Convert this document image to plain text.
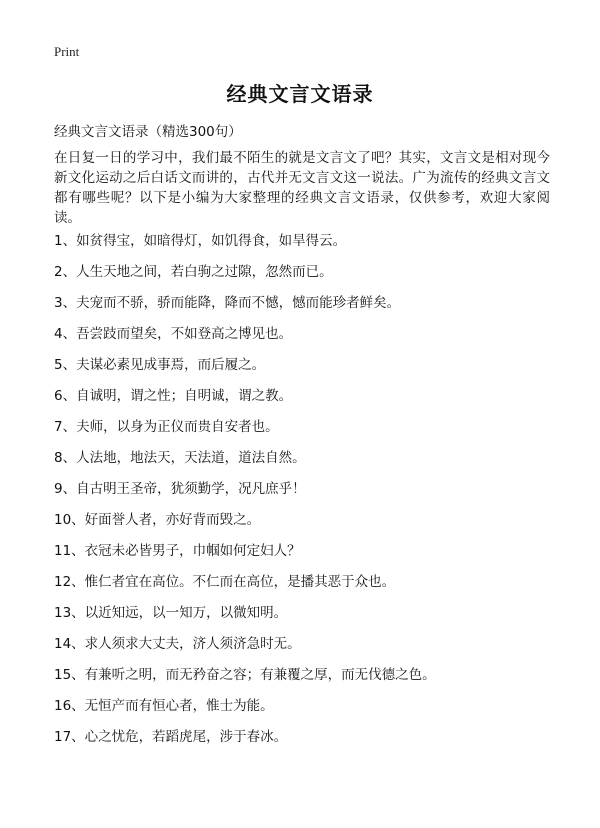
Print
经典文言文语录
经典文言文语录（精选300句）
在日复一日的学习中，我们最不陌生的就是文言文了吧？其实，文言文是相对现今新文化运动之后白话文而讲的，古代并无文言文这一说法。广为流传的经典文言文都有哪些呢？以下是小编为大家整理的经典文言文语录，仅供参考，欢迎大家阅读。
1、如贫得宝，如暗得灯，如饥得食，如旱得云。
2、人生天地之间，若白驹之过隙，忽然而已。
3、夫宠而不骄，骄而能降，降而不憾，憾而能珍者鲜矣。
4、吾尝跂而望矣，不如登高之博见也。
5、夫谋必素见成事焉，而后履之。
6、自诚明，谓之性；自明诚，谓之教。
7、夫师，以身为正仪而贵自安者也。
8、人法地，地法天，天法道，道法自然。
9、自古明王圣帝，犹须勤学，况凡庶乎！
10、好面誉人者，亦好背而毁之。
11、衣冠未必皆男子，巾帼如何定妇人？
12、惟仁者宜在高位。不仁而在高位，是播其恶于众也。
13、以近知远，以一知万，以微知明。
14、求人须求大丈夫，济人须济急时无。
15、有兼听之明，而无矜奋之容；有兼覆之厚，而无伐德之色。
16、无恒产而有恒心者，惟士为能。
17、心之忧危，若蹈虎尾，涉于春冰。
